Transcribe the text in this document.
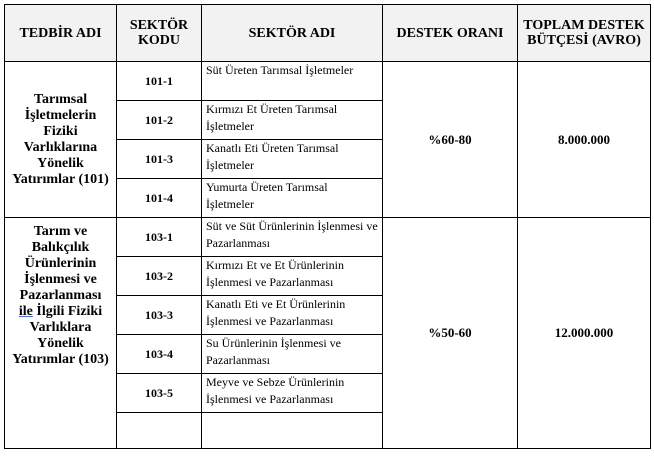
TEDBİR ADI	SEKTÖR KODU	SEKTÖR ADI	DESTEK ORANI	TOPLAM DESTEK BÜTÇESİ (AVRO)
Tarımsal İşletmelerin Fiziki Varlıklarına Yönelik Yatırımlar (101)	101-1	Süt Üreten Tarımsal İşletmeler	%60-80	8.000.000
	101-2	Kırmızı Et Üreten Tarımsal İşletmeler		
	101-3	Kanatlı Eti Üreten Tarımsal İşletmeler		
	101-4	Yumurta Üreten Tarımsal İşletmeler		
Tarım ve Balıkçılık Ürünlerinin İşlenmesi ve Pazarlanması ile İlgili Fiziki Varlıklara Yönelik Yatırımlar (103)	103-1	Süt ve Süt Ürünlerinin İşlenmesi ve Pazarlanması	%50-60	12.000.000
	103-2	Kırmızı Et ve Et Ürünlerinin İşlenmesi ve Pazarlanması		
	103-3	Kanatlı Eti ve Et Ürünlerinin İşlenmesi ve Pazarlanması		
	103-4	Su Ürünlerinin İşlenmesi ve Pazarlanması		
	103-5	Meyve ve Sebze Ürünlerinin İşlenmesi ve Pazarlanması		
